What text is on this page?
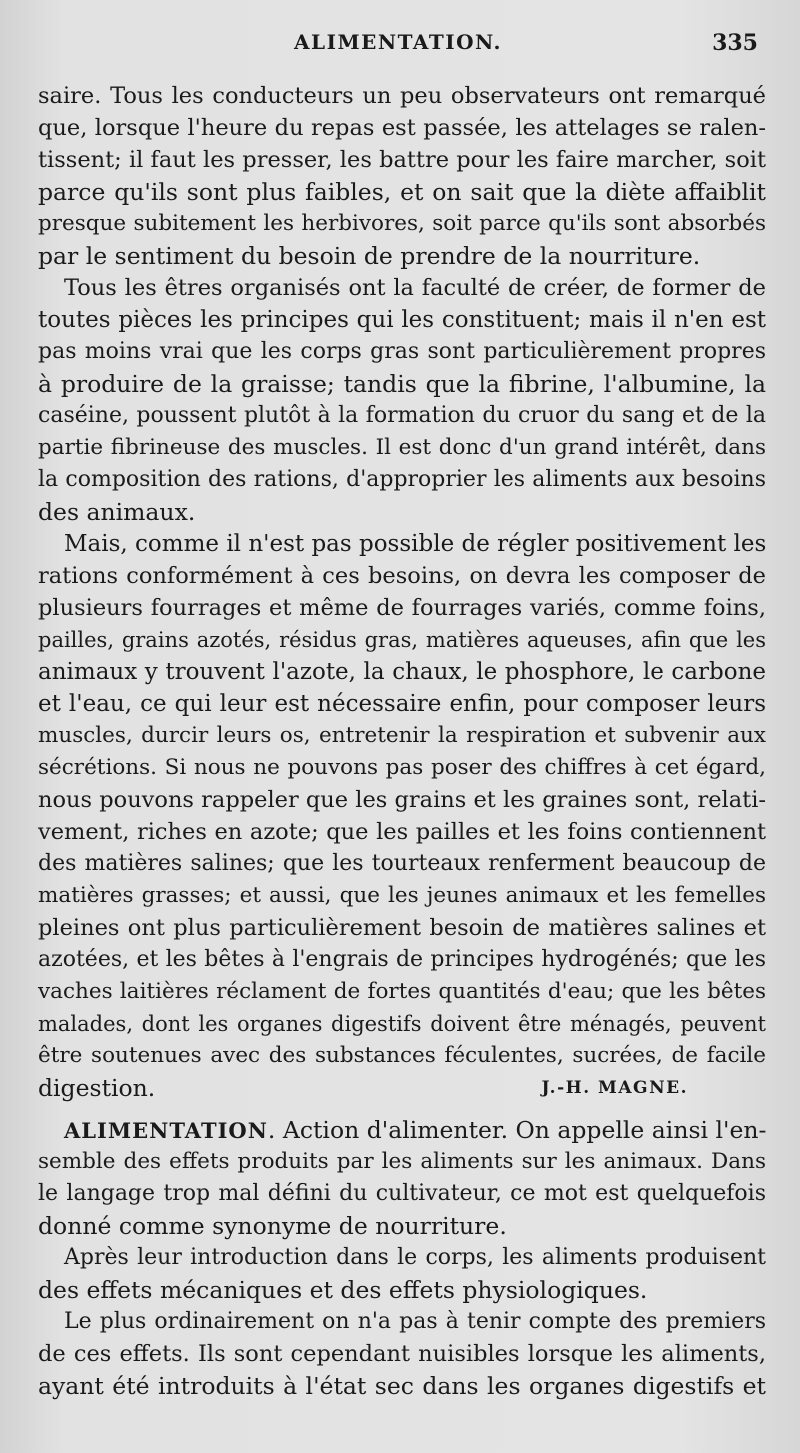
ALIMENTATION.	335
saire. Tous les conducteurs un peu observateurs ont remarqué
que, lorsque l'heure du repas est passée, les attelages se ralen-
tissent; il faut les presser, les battre pour les faire marcher, soit
parce qu'ils sont plus faibles, et on sait que la diète affaiblit
presque subitement les herbivores, soit parce qu'ils sont absorbés
par le sentiment du besoin de prendre de la nourriture.
Tous les êtres organisés ont la faculté de créer, de former de
toutes pièces les principes qui les constituent; mais il n'en est
pas moins vrai que les corps gras sont particulièrement propres
à produire de la graisse; tandis que la fibrine, l'albumine, la
caséine, poussent plutôt à la formation du cruor du sang et de la
partie fibrineuse des muscles. Il est donc d'un grand intérêt, dans
la composition des rations, d'approprier les aliments aux besoins
des animaux.
Mais, comme il n'est pas possible de régler positivement les
rations conformément à ces besoins, on devra les composer de
plusieurs fourrages et même de fourrages variés, comme foins,
pailles, grains azotés, résidus gras, matières aqueuses, afin que les
animaux y trouvent l'azote, la chaux, le phosphore, le carbone
et l'eau, ce qui leur est nécessaire enfin, pour composer leurs
muscles, durcir leurs os, entretenir la respiration et subvenir aux
sécrétions. Si nous ne pouvons pas poser des chiffres à cet égard,
nous pouvons rappeler que les grains et les graines sont, relati-
vement, riches en azote; que les pailles et les foins contiennent
des matières salines; que les tourteaux renferment beaucoup de
matières grasses; et aussi, que les jeunes animaux et les femelles
pleines ont plus particulièrement besoin de matières salines et
azotées, et les bêtes à l'engrais de principes hydrogénés; que les
vaches laitières réclament de fortes quantités d'eau; que les bêtes
malades, dont les organes digestifs doivent être ménagés, peuvent
être soutenues avec des substances féculentes, sucrées, de facile
digestion.	J.-H. MAGNE.
ALIMENTATION. Action d'alimenter. On appelle ainsi l'en-
semble des effets produits par les aliments sur les animaux. Dans
le langage trop mal défini du cultivateur, ce mot est quelquefois
donné comme synonyme de nourriture.
Après leur introduction dans le corps, les aliments produisent
des effets mécaniques et des effets physiologiques.
Le plus ordinairement on n'a pas à tenir compte des premiers
de ces effets. Ils sont cependant nuisibles lorsque les aliments,
ayant été introduits à l'état sec dans les organes digestifs et
